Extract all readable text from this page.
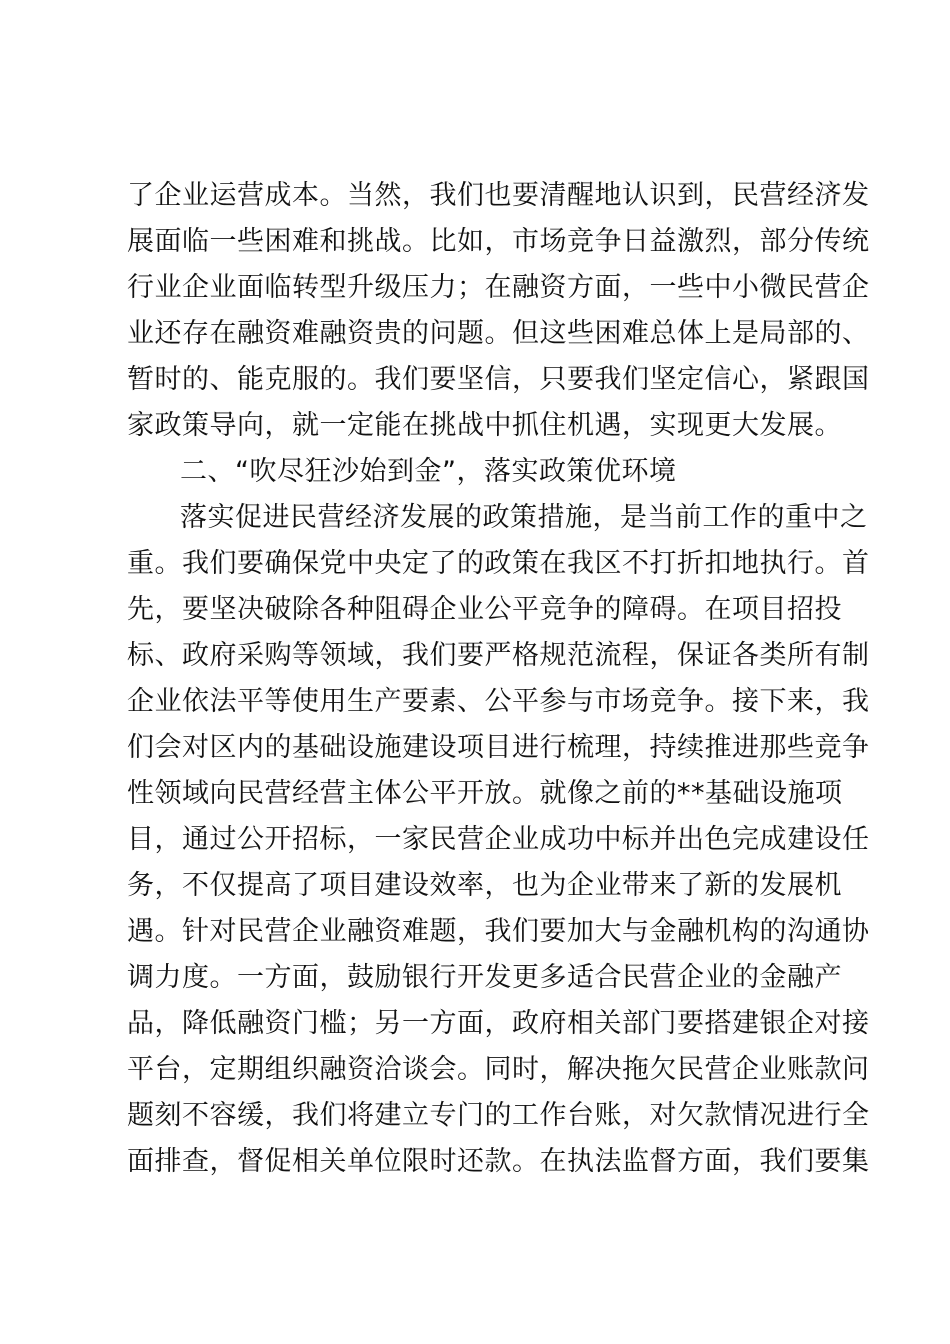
了企业运营成本。当然，我们也要清醒地认识到，民营经济发
展面临一些困难和挑战。比如，市场竞争日益激烈，部分传统
行业企业面临转型升级压力；在融资方面，一些中小微民营企
业还存在融资难融资贵的问题。但这些困难总体上是局部的、
暂时的、能克服的。我们要坚信，只要我们坚定信心，紧跟国
家政策导向，就一定能在挑战中抓住机遇，实现更大发展。
二、“吹尽狂沙始到金”，落实政策优环境
落实促进民营经济发展的政策措施，是当前工作的重中之
重。我们要确保党中央定了的政策在我区不打折扣地执行。首
先，要坚决破除各种阻碍企业公平竞争的障碍。在项目招投
标、政府采购等领域，我们要严格规范流程，保证各类所有制
企业依法平等使用生产要素、公平参与市场竞争。接下来，我
们会对区内的基础设施建设项目进行梳理，持续推进那些竞争
性领域向民营经营主体公平开放。就像之前的**基础设施项
目，通过公开招标，一家民营企业成功中标并出色完成建设任
务，不仅提高了项目建设效率，也为企业带来了新的发展机
遇。针对民营企业融资难题，我们要加大与金融机构的沟通协
调力度。一方面，鼓励银行开发更多适合民营企业的金融产
品，降低融资门槛；另一方面，政府相关部门要搭建银企对接
平台，定期组织融资洽谈会。同时，解决拖欠民营企业账款问
题刻不容缓，我们将建立专门的工作台账，对欠款情况进行全
面排查，督促相关单位限时还款。在执法监督方面，我们要集
